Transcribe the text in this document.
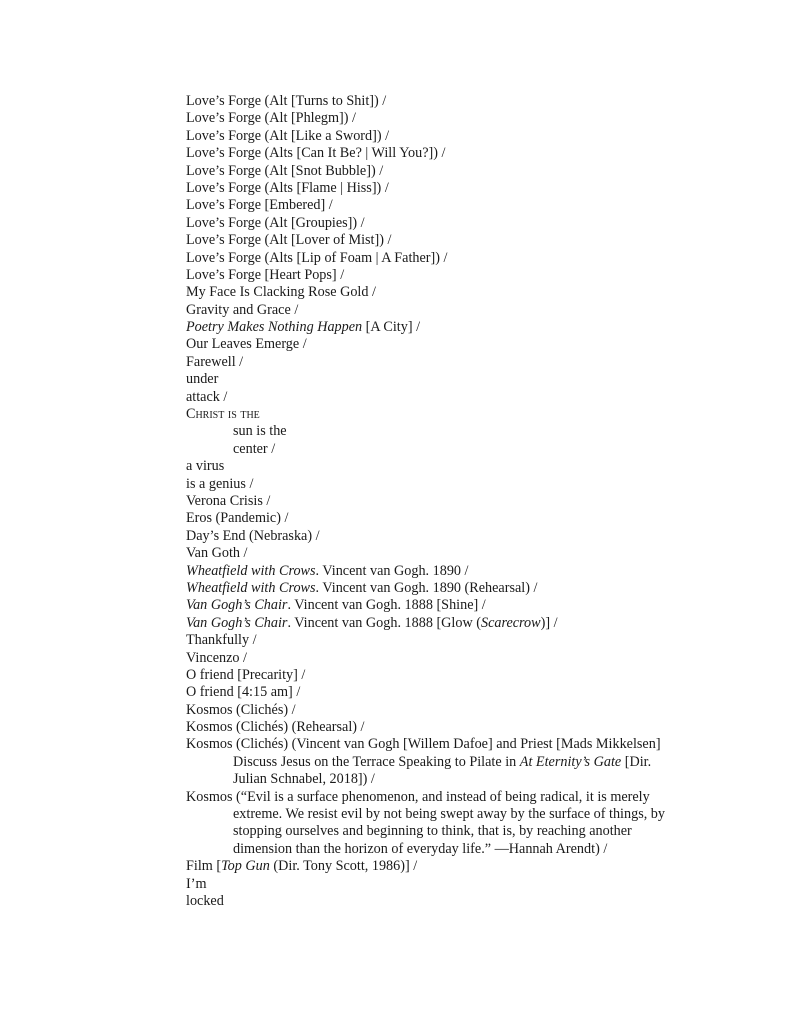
Love’s Forge (Alt [Turns to Shit]) /
Love’s Forge (Alt [Phlegm]) /
Love’s Forge (Alt [Like a Sword]) /
Love’s Forge (Alts [Can It Be? | Will You?]) /
Love’s Forge (Alt [Snot Bubble]) /
Love’s Forge (Alts [Flame | Hiss]) /
Love’s Forge [Embered] /
Love’s Forge (Alt [Groupies]) /
Love’s Forge (Alt [Lover of Mist]) /
Love’s Forge (Alts [Lip of Foam | A Father]) /
Love’s Forge [Heart Pops] /
My Face Is Clacking Rose Gold /
Gravity and Grace /
Poetry Makes Nothing Happen [A City] /
Our Leaves Emerge /
Farewell /
under
attack /
Christ is the
sun is the
center /
a virus
is a genius /
Verona Crisis /
Eros (Pandemic) /
Day’s End (Nebraska) /
Van Goth /
Wheatfield with Crows. Vincent van Gogh. 1890 /
Wheatfield with Crows. Vincent van Gogh. 1890 (Rehearsal) /
Van Gogh’s Chair. Vincent van Gogh. 1888 [Shine] /
Van Gogh’s Chair. Vincent van Gogh. 1888 [Glow (Scarecrow)] /
Thankfully /
Vincenzo /
O friend [Precarity] /
O friend [4:15 am] /
Kosmos (Clichés) /
Kosmos (Clichés) (Rehearsal) /
Kosmos (Clichés) (Vincent van Gogh [Willem Dafoe] and Priest [Mads Mikkelsen]
Discuss Jesus on the Terrace Speaking to Pilate in At Eternity’s Gate [Dir.
Julian Schnabel, 2018]) /
Kosmos (“Evil is a surface phenomenon, and instead of being radical, it is merely
extreme. We resist evil by not being swept away by the surface of things, by
stopping ourselves and beginning to think, that is, by reaching another
dimension than the horizon of everyday life.” —Hannah Arendt) /
Film [Top Gun (Dir. Tony Scott, 1986)] /
I’m
locked
